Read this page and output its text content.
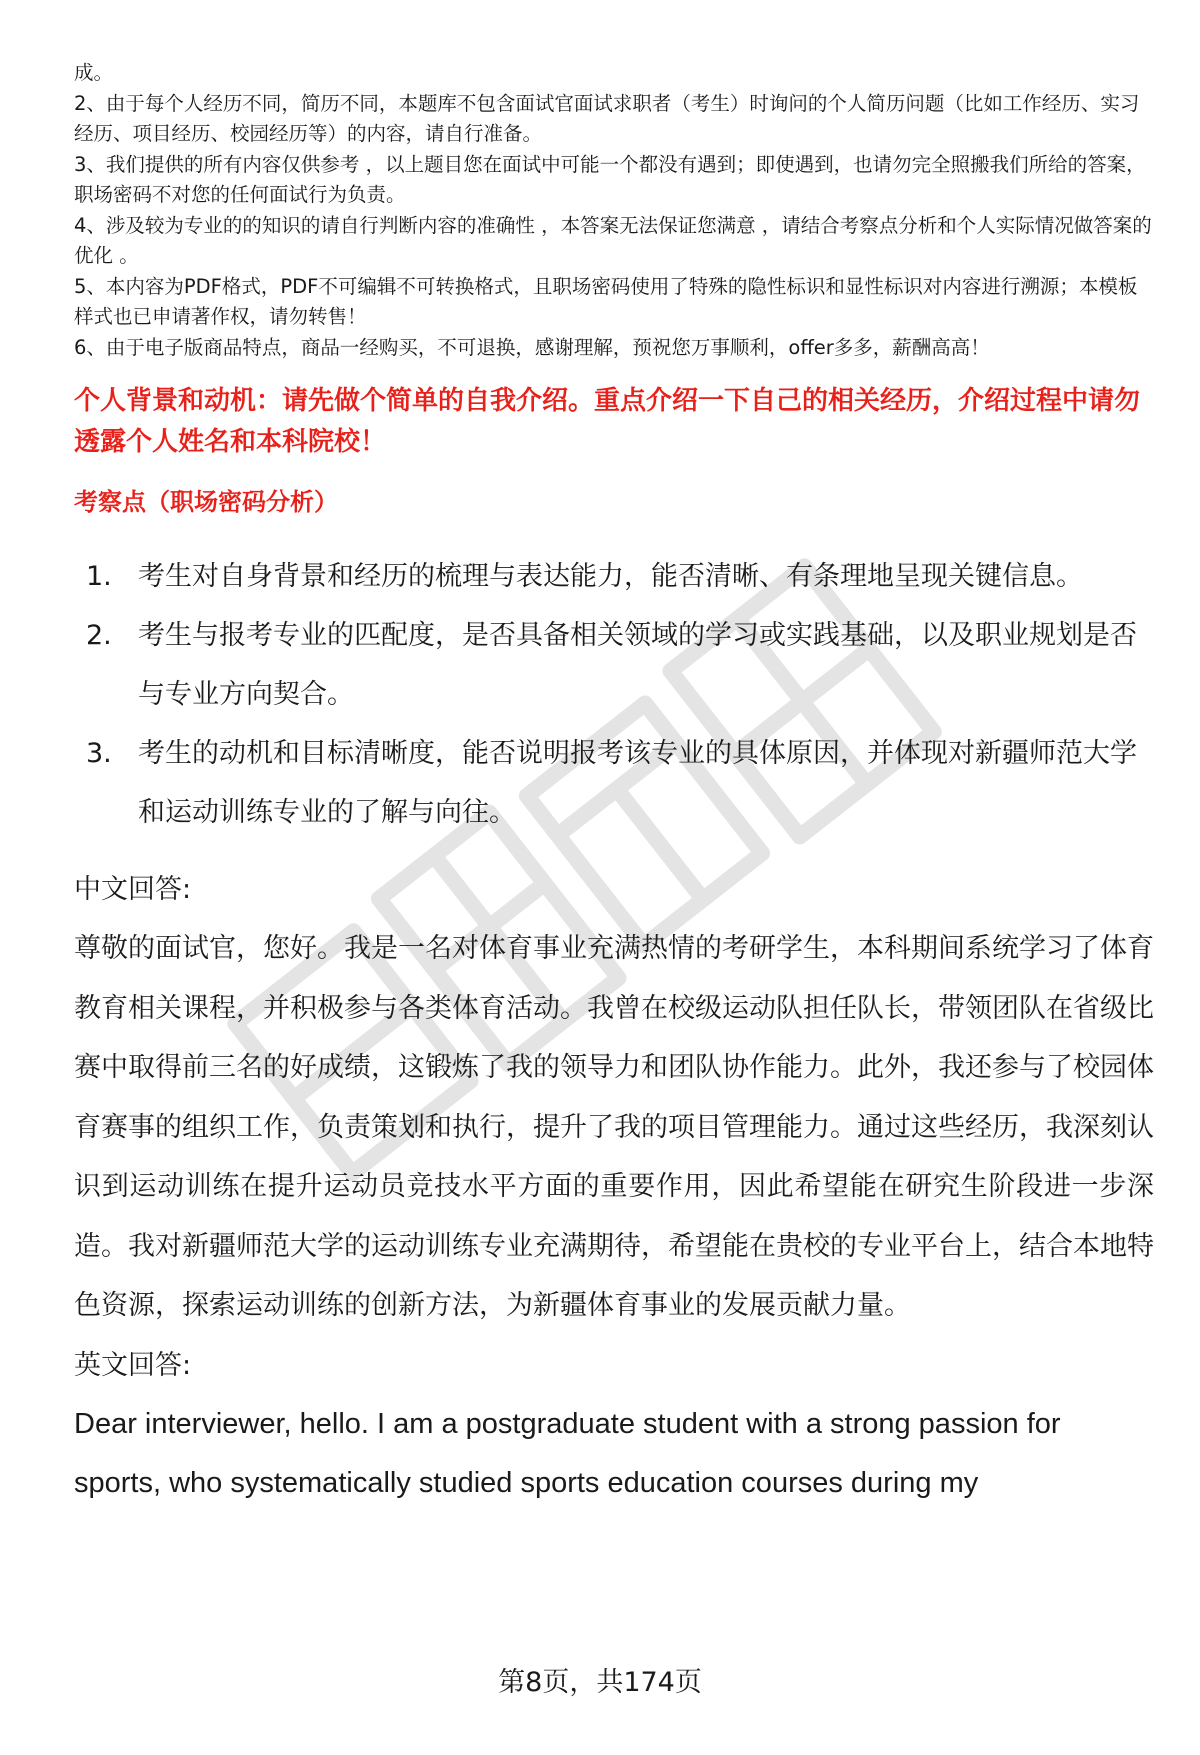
成。

2、由于每个人经历不同，简历不同，本题库不包含面试官面试求职者（考生）时询问的个人简历问题（比如工作经历、实习经历、项目经历、校园经历等）的内容，请自行准备。

3、我们提供的所有内容仅供参考 ，以上题目您在面试中可能一个都没有遇到；即使遇到，也请勿完全照搬我们所给的答案，职场密码不对您的任何面试行为负责。

4、涉及较为专业的的知识的请自行判断内容的准确性 ，本答案无法保证您满意 ，请结合考察点分析和个人实际情况做答案的优化 。

5、本内容为PDF格式，PDF不可编辑不可转换格式，且职场密码使用了特殊的隐性标识和显性标识对内容进行溯源；本模板样式也已申请著作权，请勿转售！

6、由于电子版商品特点，商品一经购买，不可退换，感谢理解，预祝您万事顺利，offer多多，薪酬高高！

个人背景和动机：请先做个简单的自我介绍。重点介绍一下自己的相关经历，介绍过程中请勿透露个人姓名和本科院校！
考察点（职场密码分析）
1. 考生对自身背景和经历的梳理与表达能力，能否清晰、有条理地呈现关键信息。
2. 考生与报考专业的匹配度，是否具备相关领域的学习或实践基础，以及职业规划是否与专业方向契合。
3. 考生的动机和目标清晰度，能否说明报考该专业的具体原因，并体现对新疆师范大学和运动训练专业的了解与向往。
中文回答:

尊敬的面试官，您好。我是一名对体育事业充满热情的考研学生，本科期间系统学习了体育教育相关课程，并积极参与各类体育活动。我曾在校级运动队担任队长，带领团队在省级比赛中取得前三名的好成绩，这锻炼了我的领导力和团队协作能力。此外，我还参与了校园体育赛事的组织工作，负责策划和执行，提升了我的项目管理能力。通过这些经历，我深刻认识到运动训练在提升运动员竞技水平方面的重要作用，因此希望能在研究生阶段进一步深造。我对新疆师范大学的运动训练专业充满期待，希望能在贵校的专业平台上，结合本地特色资源，探索运动训练的创新方法，为新疆体育事业的发展贡献力量。

英文回答:

Dear interviewer, hello. I am a postgraduate student with a strong passion for sports, who systematically studied sports education courses during my

第8页，共174页
